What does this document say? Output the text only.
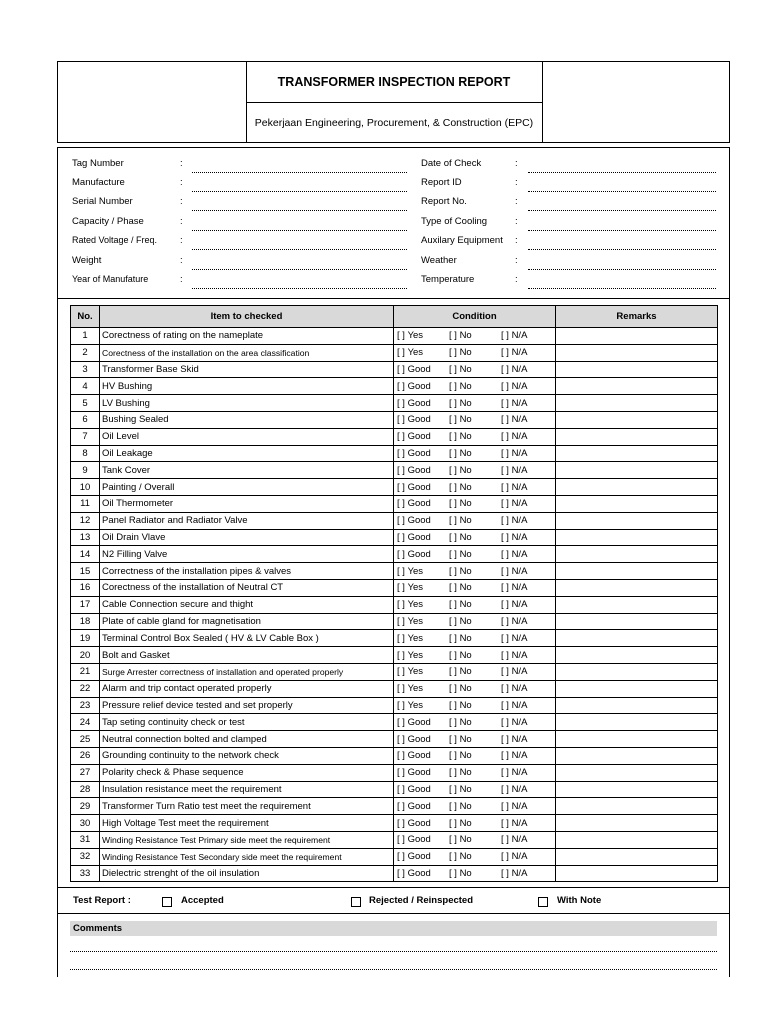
TRANSFORMER INSPECTION REPORT
Pekerjaan Engineering, Procurement, & Construction (EPC)
Tag Number	:
Manufacture	:
Serial Number	:
Capacity / Phase	:
Rated Voltage / Freq. :
Weight	:
Year of Manufature	:
Date of Check	:
Report ID	:
Report No.	:
Type of Cooling	:
Auxilary Equipment :
Weather	:
Temperature	:
No.	Item to checked	Condition	Remarks
1	Corectness of rating on the nameplate	[ ] Yes [ ] No [ ] N/A	
2	Corectness of the installation on the area classification	[ ] Yes [ ] No [ ] N/A	
3	Transformer Base Skid	[ ] Good [ ] No [ ] N/A	
4	HV Bushing	[ ] Good [ ] No [ ] N/A	
5	LV Bushing	[ ] Good [ ] No [ ] N/A	
6	Bushing Sealed	[ ] Good [ ] No [ ] N/A	
7	Oil Level	[ ] Good [ ] No [ ] N/A	
8	Oil Leakage	[ ] Good [ ] No [ ] N/A	
9	Tank Cover	[ ] Good [ ] No [ ] N/A	
10	Painting / Overall	[ ] Good [ ] No [ ] N/A	
11	Oil Thermometer	[ ] Good [ ] No [ ] N/A	
12	Panel Radiator and Radiator Valve	[ ] Good [ ] No [ ] N/A	
13	Oil Drain Vlave	[ ] Good [ ] No [ ] N/A	
14	N2 Filling Valve	[ ] Good [ ] No [ ] N/A	
15	Correctness of the installation pipes & valves	[ ] Yes [ ] No [ ] N/A	
16	Corectness of the installation of Neutral CT	[ ] Yes [ ] No [ ] N/A	
17	Cable Connection secure and thight	[ ] Yes [ ] No [ ] N/A	
18	Plate of cable gland for magnetisation	[ ] Yes [ ] No [ ] N/A	
19	Terminal Control Box Sealed ( HV & LV Cable Box )	[ ] Yes [ ] No [ ] N/A	
20	Bolt and Gasket	[ ] Yes [ ] No [ ] N/A	
21	Surge Arrester correctness of installation and operated properly	[ ] Yes [ ] No [ ] N/A	
22	Alarm and trip contact operated properly	[ ] Yes [ ] No [ ] N/A	
23	Pressure relief device tested and set properly	[ ] Yes [ ] No [ ] N/A	
24	Tap seting continuity check or test	[ ] Good [ ] No [ ] N/A	
25	Neutral connection bolted and clamped	[ ] Good [ ] No [ ] N/A	
26	Grounding continuity to the network check	[ ] Good [ ] No [ ] N/A	
27	Polarity check & Phase sequence	[ ] Good [ ] No [ ] N/A	
28	Insulation resistance meet the requirement	[ ] Good [ ] No [ ] N/A	
29	Transformer Turn Ratio test meet the requirement	[ ] Good [ ] No [ ] N/A	
30	High Voltage Test meet the requirement	[ ] Good [ ] No [ ] N/A	
31	Winding Resistance Test Primary side meet the requirement	[ ] Good [ ] No [ ] N/A	
32	Winding Resistance Test Secondary side meet the requirement	[ ] Good [ ] No [ ] N/A	
33	Dielectric strenght of the oil insulation	[ ] Good [ ] No [ ] N/A	
Test Report :	Accepted	Rejected / Reinspected	With Note
Comments
